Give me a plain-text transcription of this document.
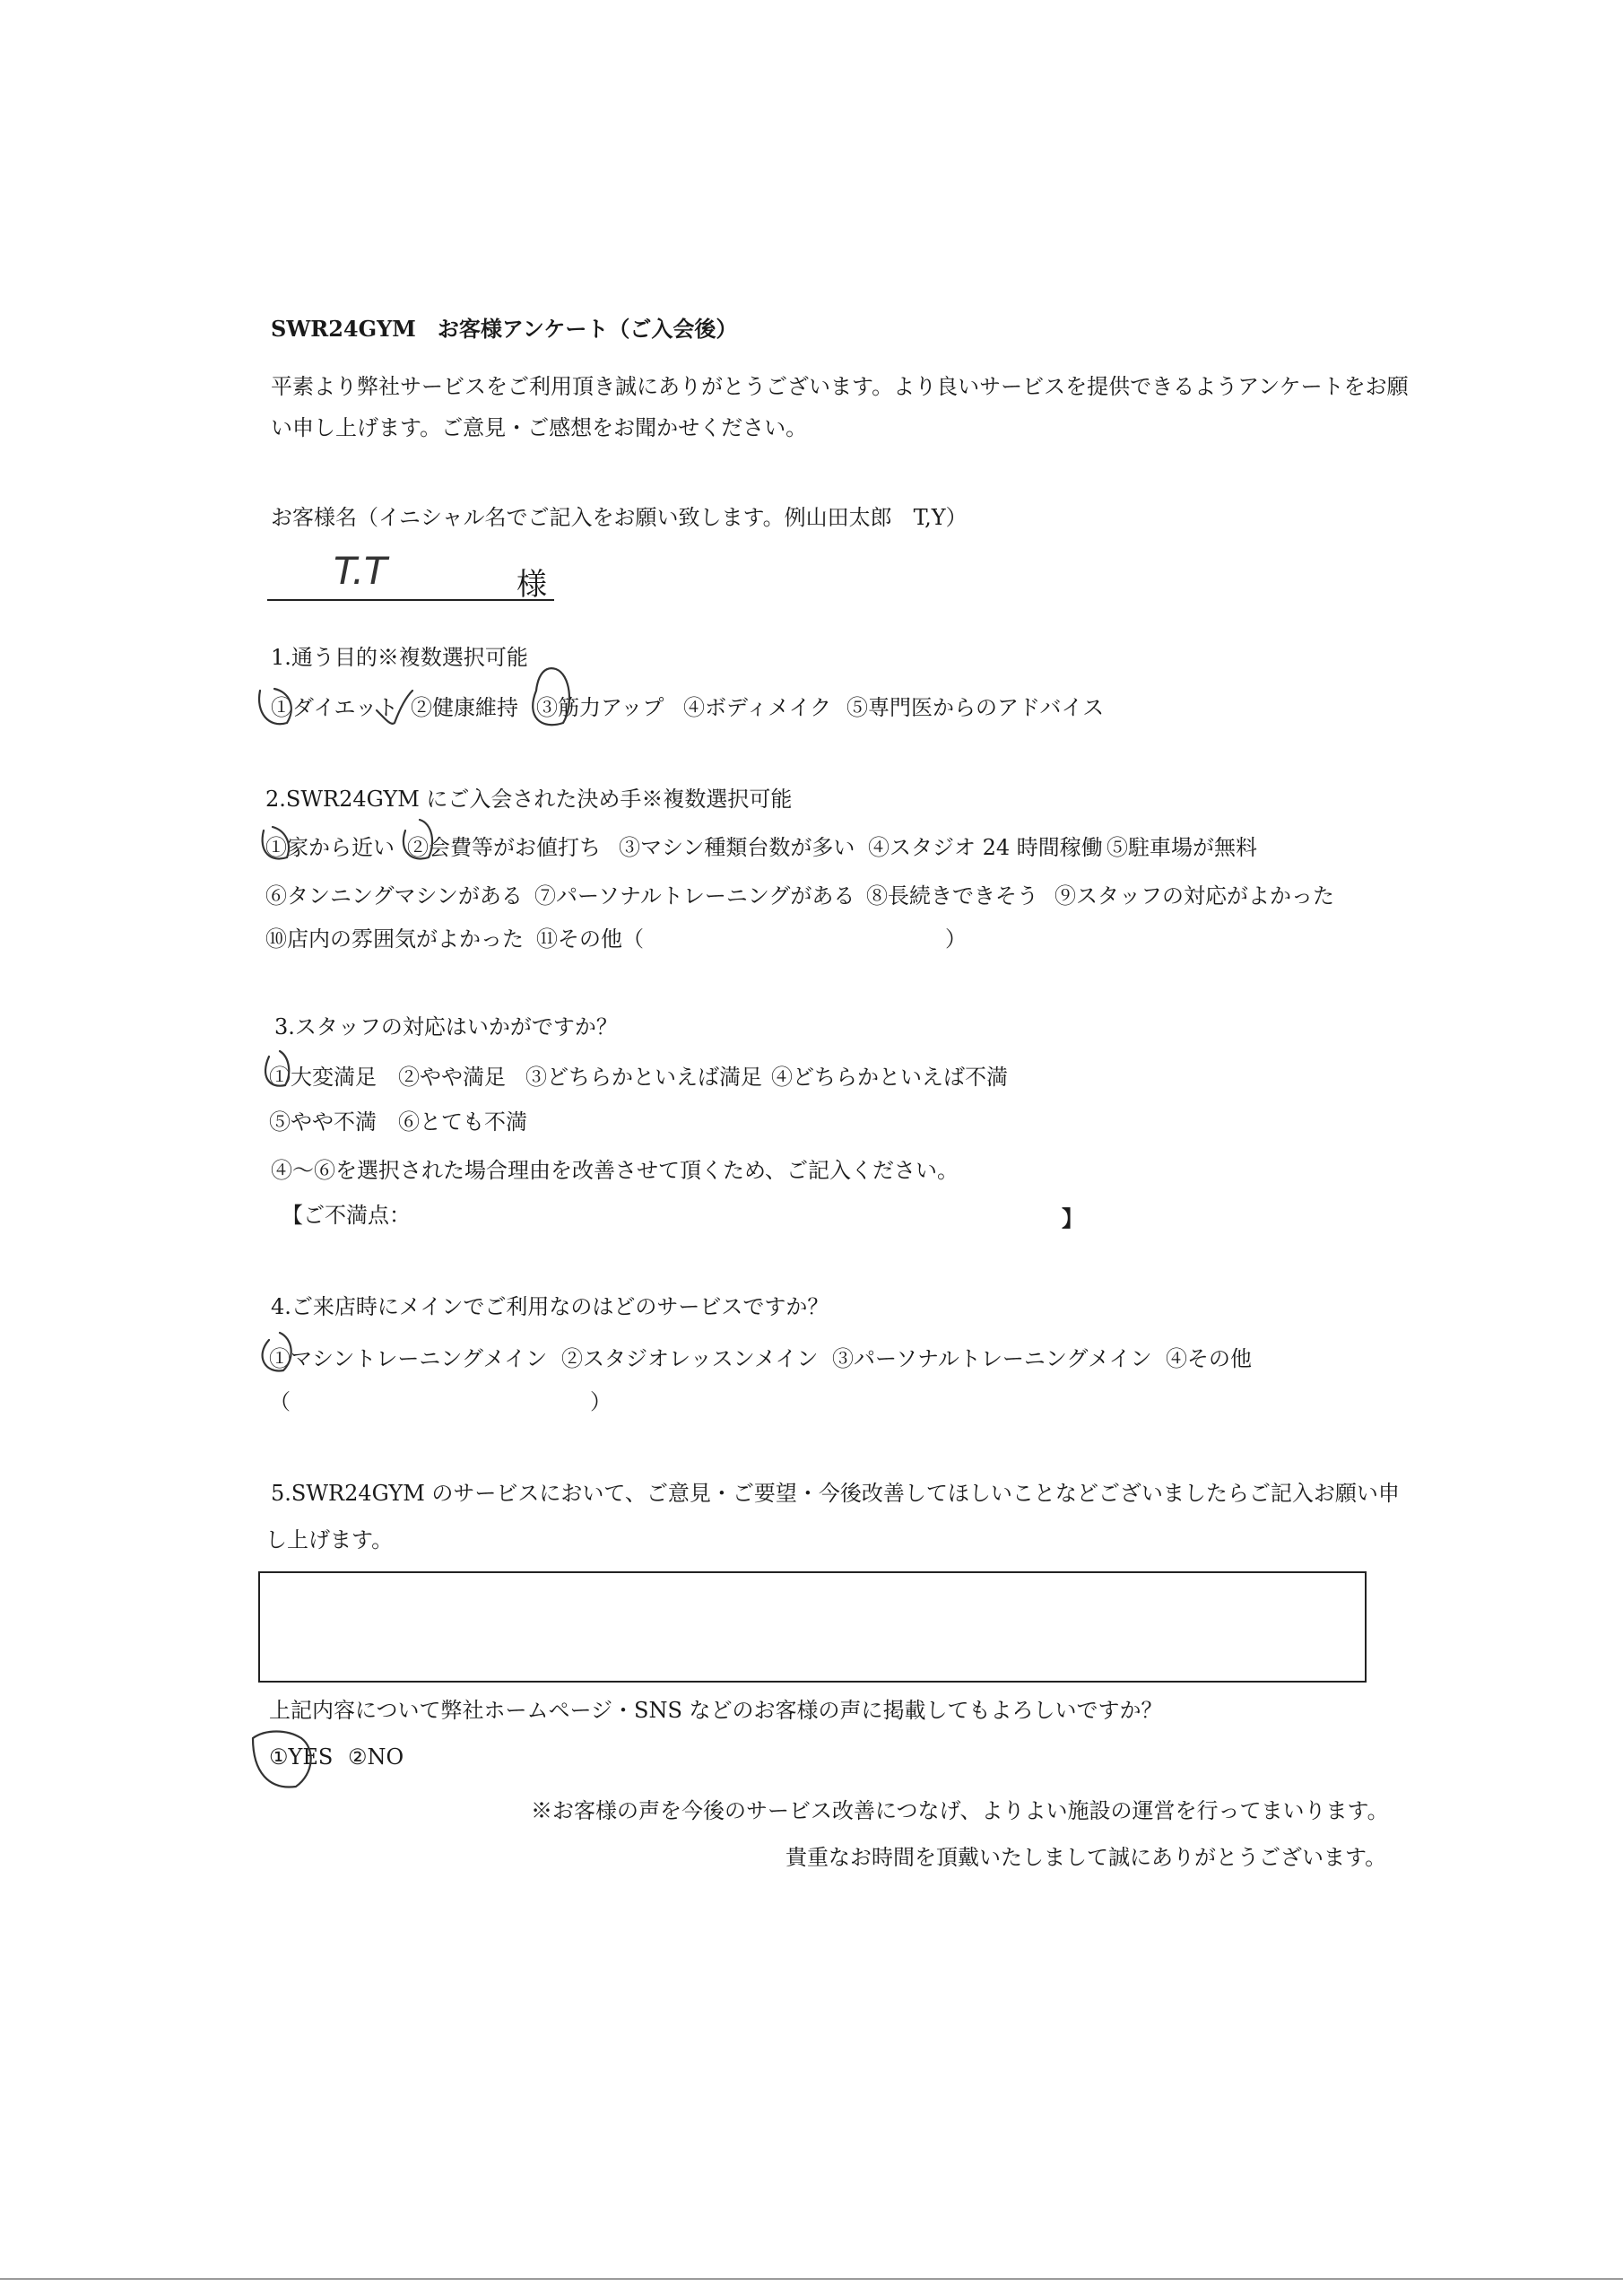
SWR24GYM　お客様アンケート（ご入会後）
平素より弊社サービスをご利用頂き誠にありがとうございます。より良いサービスを提供できるようアンケートをお願
い申し上げます。ご意見・ご感想をお聞かせください。
お客様名（イニシャル名でご記入をお願い致します。例山田太郎　T,Y）
T.T	様
1.通う目的※複数選択可能
①ダイエット ②健康維持 ③筋力アップ ④ボディメイク ⑤専門医からのアドバイス
2.SWR24GYM にご入会された決め手※複数選択可能
①家から近い ②会費等がお値打ち ③マシン種類台数が多い ④スタジオ 24 時間稼働 ⑤駐車場が無料
⑥タンニングマシンがある ⑦パーソナルトレーニングがある ⑧長続きできそう ⑨スタッフの対応がよかった
⑩店内の雰囲気がよかった ⑪その他（	）
3.スタッフの対応はいかがですか？
①大変満足 ②やや満足 ③どちらかといえば満足 ④どちらかといえば不満
⑤やや不満 ⑥とても不満
④～⑥を選択された場合理由を改善させて頂くため、ご記入ください。
【ご不満点：	】
4.ご来店時にメインでご利用なのはどのサービスですか？
①マシントレーニングメイン ②スタジオレッスンメイン ③パーソナルトレーニングメイン ④その他
（	）
5.SWR24GYM のサービスにおいて、ご意見・ご要望・今後改善してほしいことなどございましたらご記入お願い申
し上げます。
上記内容について弊社ホームページ・SNS などのお客様の声に掲載してもよろしいですか？
①YES ②NO
※お客様の声を今後のサービス改善につなげ、よりよい施設の運営を行ってまいります。
貴重なお時間を頂戴いたしまして誠にありがとうございます。
